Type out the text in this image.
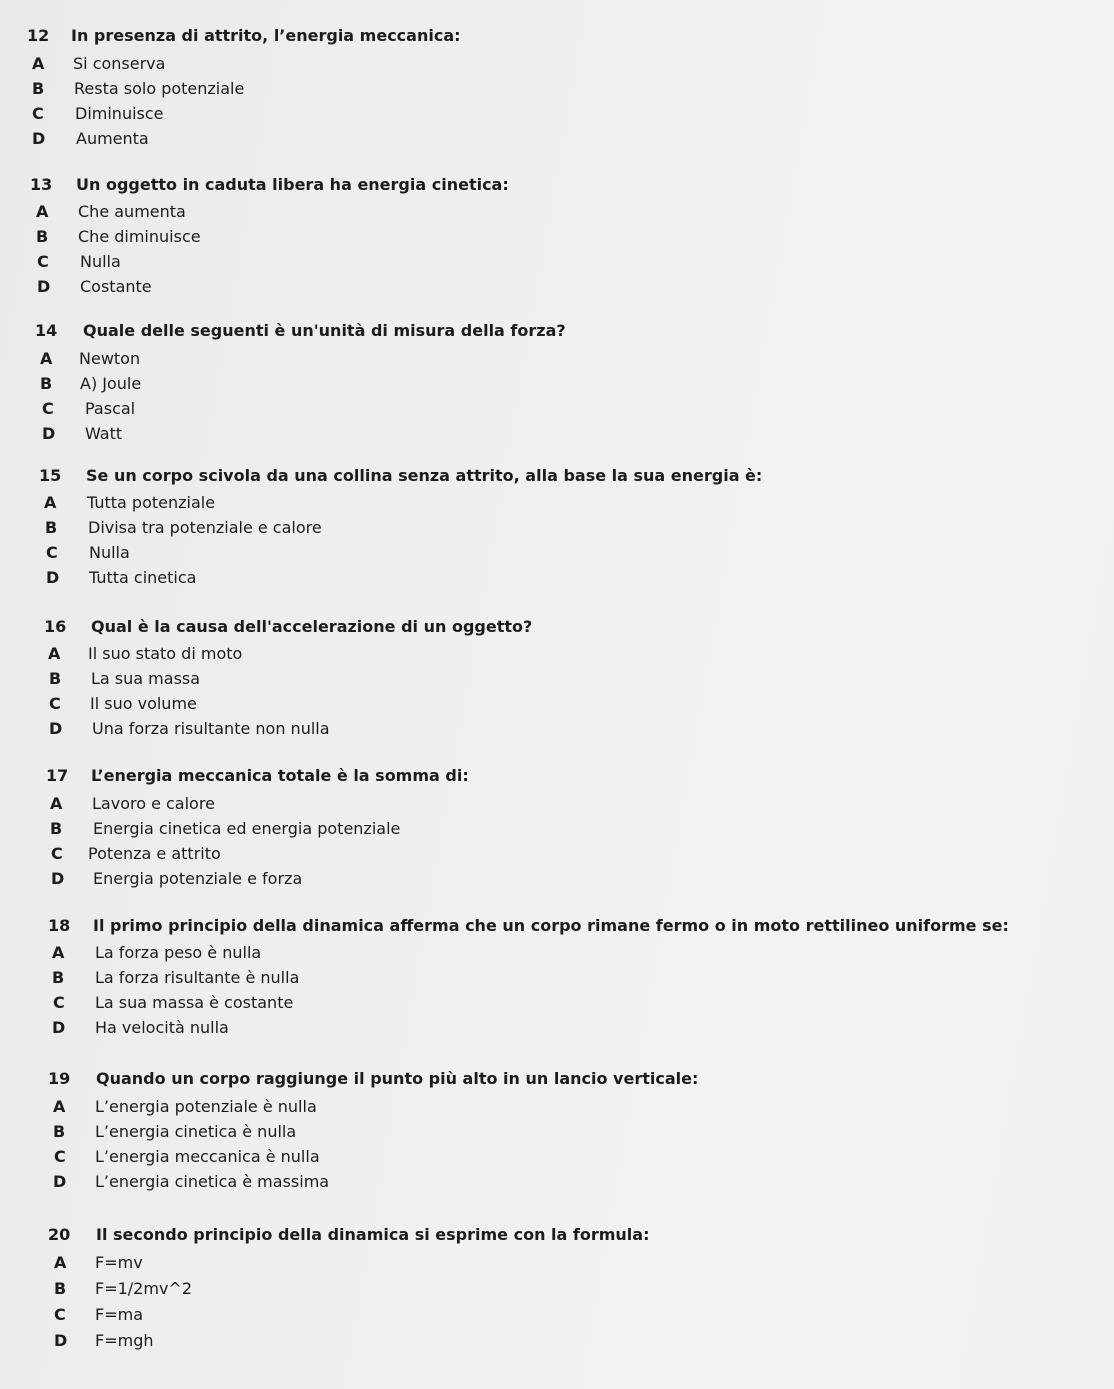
12 In presenza di attrito, l’energia meccanica:
A Si conserva
B Resta solo potenziale
C Diminuisce
D Aumenta
13 Un oggetto in caduta libera ha energia cinetica:
A Che aumenta
B Che diminuisce
C Nulla
D Costante
14 Quale delle seguenti è un'unità di misura della forza?
A Newton
B A) Joule
C Pascal
D Watt
15 Se un corpo scivola da una collina senza attrito, alla base la sua energia è:
A Tutta potenziale
B Divisa tra potenziale e calore
C Nulla
D Tutta cinetica
16 Qual è la causa dell'accelerazione di un oggetto?
A Il suo stato di moto
B La sua massa
C Il suo volume
D Una forza risultante non nulla
17 L’energia meccanica totale è la somma di:
A Lavoro e calore
B Energia cinetica ed energia potenziale
C Potenza e attrito
D Energia potenziale e forza
18 Il primo principio della dinamica afferma che un corpo rimane fermo o in moto rettilineo uniforme se:
A La forza peso è nulla
B La forza risultante è nulla
C La sua massa è costante
D Ha velocità nulla
19 Quando un corpo raggiunge il punto più alto in un lancio verticale:
A L’energia potenziale è nulla
B L’energia cinetica è nulla
C L’energia meccanica è nulla
D L’energia cinetica è massima
20 Il secondo principio della dinamica si esprime con la formula:
A F=mv
B F=1/2mv^2
C F=ma
D F=mgh
